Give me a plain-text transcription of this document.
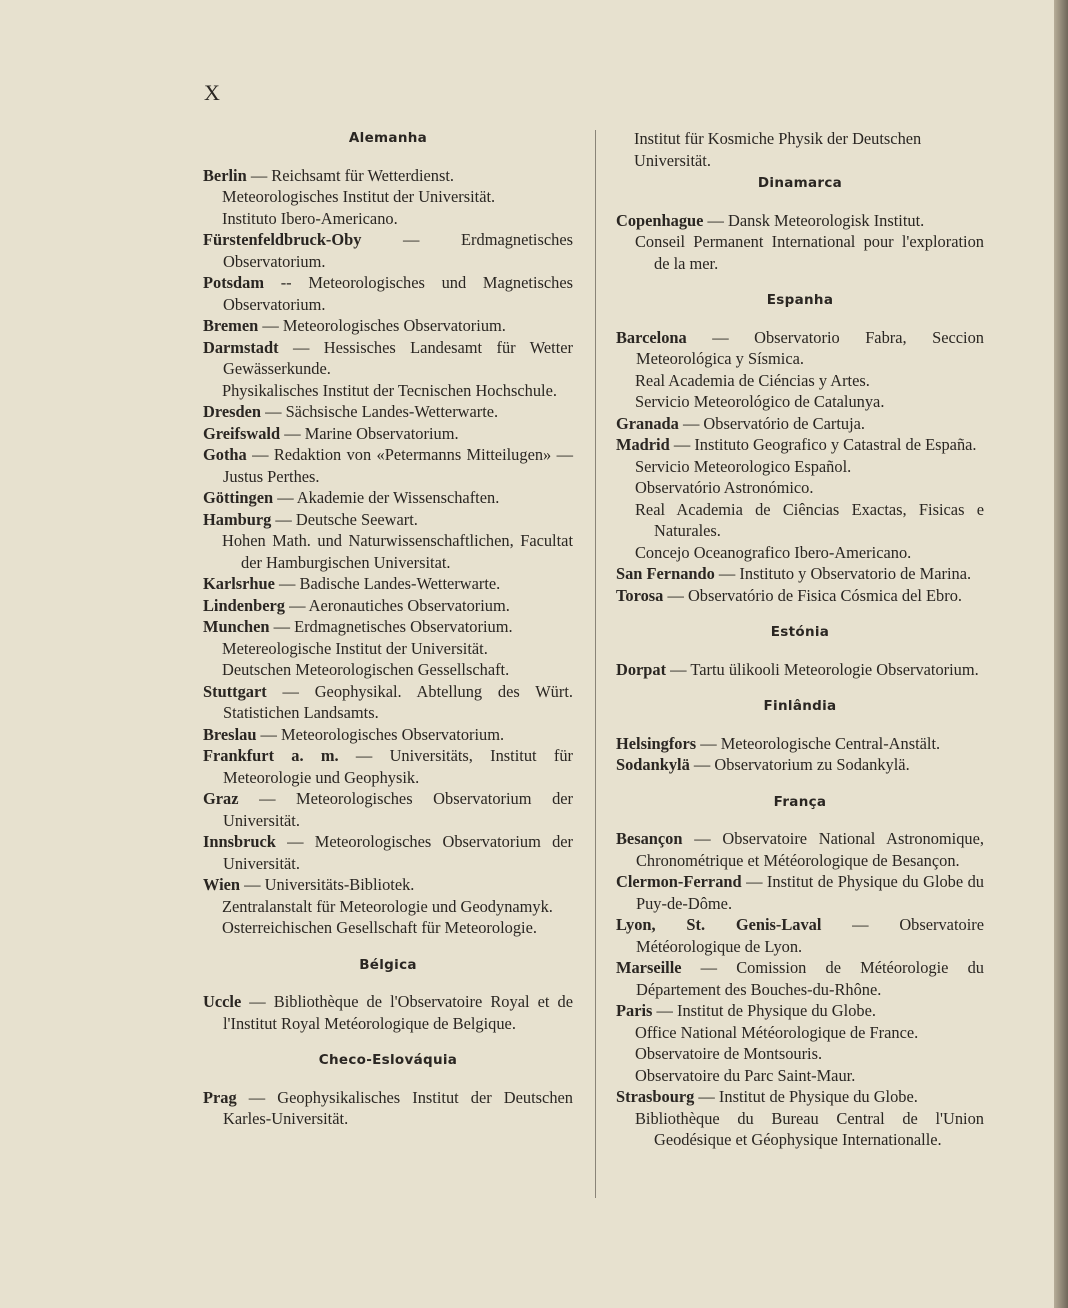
X
Alemanha
Berlin — Reichsamt für Wetterdienst.
Meteorologisches Institut der Universität.
Instituto Ibero-Americano.
Fürstenfeldbruck-Oby — Erdmagnetisches Observatorium.
Potsdam -- Meteorologisches und Magnetisches Observatorium.
Bremen — Meteorologisches Observatorium.
Darmstadt — Hessisches Landesamt für Wetter Gewässerkunde.
Physikalisches Institut der Tecnischen Hochschule.
Dresden — Sächsische Landes-Wetterwarte.
Greifswald — Marine Observatorium.
Gotha — Redaktion von «Petermanns Mitteilugen» — Justus Perthes.
Göttingen — Akademie der Wissenschaften.
Hamburg — Deutsche Seewart.
Hohen Math. und Naturwissenschaftlichen, Facultat der Hamburgischen Universitat.
Karlsrhue — Badische Landes-Wetterwarte.
Lindenberg — Aeronautiches Observatorium.
Munchen — Erdmagnetisches Observatorium.
Metereologische Institut der Universität.
Deutschen Meteorologischen Gessellschaft.
Stuttgart — Geophysikal. Abtellung des Würt. Statistichen Landsamts.
Breslau — Meteorologisches Observatorium.
Frankfurt a. m. — Universitäts, Institut für Meteorologie und Geophysik.
Graz — Meteorologisches Observatorium der Universität.
Innsbruck — Meteorologisches Observatorium der Universität.
Wien — Universitäts-Bibliotek.
Zentralanstalt für Meteorologie und Geodynamyk.
Osterreichischen Gesellschaft für Meteorologie.
Bélgica
Uccle — Bibliothèque de l'Observatoire Royal et de l'Institut Royal Metéorologique de Belgique.
Checo-Eslováquia
Prag — Geophysikalisches Institut der Deutschen Karles-Universität.
Institut für Kosmiche Physik der Deutschen Universität.
Dinamarca
Copenhague — Dansk Meteorologisk Institut.
Conseil Permanent International pour l'exploration de la mer.
Espanha
Barcelona — Observatorio Fabra, Seccion Meteorológica y Sísmica.
Real Academia de Ciéncias y Artes.
Servicio Meteorológico de Catalunya.
Granada — Observatório de Cartuja.
Madrid — Instituto Geografico y Catastral de España.
Servicio Meteorologico Español.
Observatório Astronómico.
Real Academia de Ciências Exactas, Fisicas e Naturales.
Concejo Oceanografico Ibero-Americano.
San Fernando — Instituto y Observatorio de Marina.
Torosa — Observatório de Fisica Cósmica del Ebro.
Estónia
Dorpat — Tartu ülikooli Meteorologie Observatorium.
Finlândia
Helsingfors — Meteorologische Central-Anstält.
Sodankylä — Observatorium zu Sodankylä.
França
Besançon — Observatoire National Astronomique, Chronométrique et Météorologique de Besançon.
Clermon-Ferrand — Institut de Physique du Globe du Puy-de-Dôme.
Lyon, St. Genis-Laval — Observatoire Météorologique de Lyon.
Marseille — Comission de Météorologie du Département des Bouches-du-Rhône.
Paris — Institut de Physique du Globe.
Office National Météorologique de France.
Observatoire de Montsouris.
Observatoire du Parc Saint-Maur.
Strasbourg — Institut de Physique du Globe.
Bibliothèque du Bureau Central de l'Union Geodésique et Géophysique Internationalle.
